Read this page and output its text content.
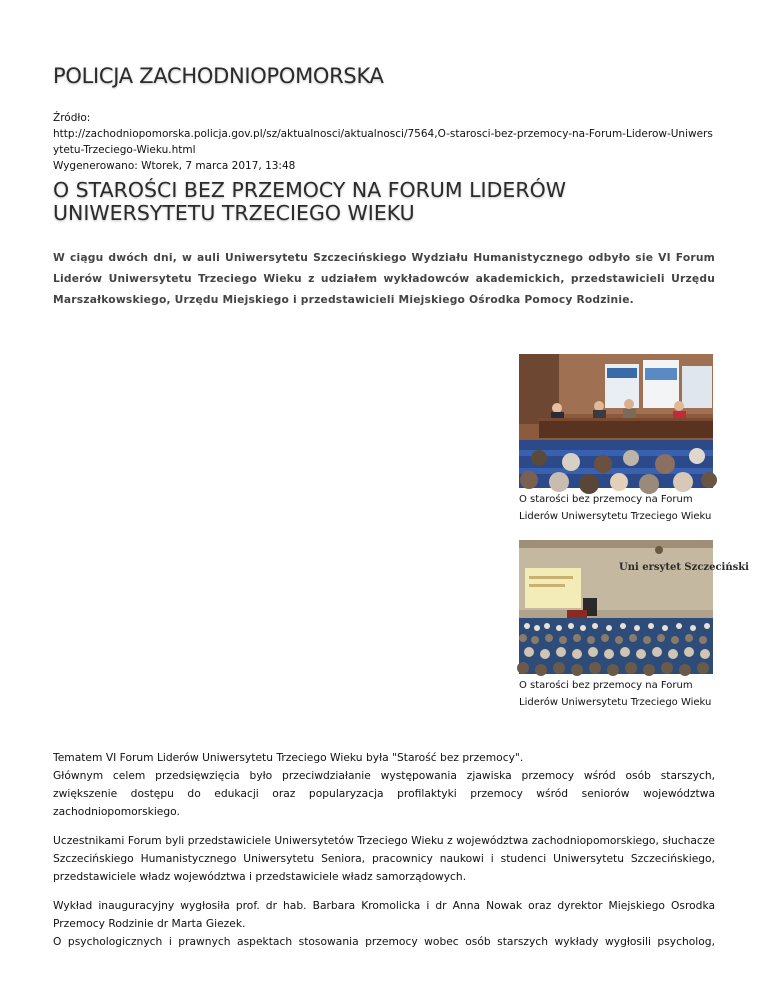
POLICJA ZACHODNIOPOMORSKA
Źródło:
http://zachodniopomorska.policja.gov.pl/sz/aktualnosci/aktualnosci/7564,O-starosci-bez-przemocy-na-Forum-Liderow-Uniwers
ytetu-Trzeciego-Wieku.html
Wygenerowano: Wtorek, 7 marca 2017, 13:48
O STAROŚCI BEZ PRZEMOCY NA FORUM LIDERÓW UNIWERSYTETU TRZECIEGO WIEKU

W ciągu dwóch dni, w auli Uniwersytetu Szczecińskiego Wydziału Humanistycznego odbyło sie VI Forum Liderów Uniwersytetu Trzeciego Wieku z udziałem wykładowców akademickich, przedstawicieli Urzędu Marszałkowskiego, Urzędu Miejskiego i przedstawicieli Miejskiego Ośrodka Pomocy Rodzinie.

O starości bez przemocy na Forum Liderów Uniwersytetu Trzeciego Wieku
Uni ersytet Szczeciński
O starości bez przemocy na Forum Liderów Uniwersytetu Trzeciego Wieku

Tematem VI Forum Liderów Uniwersytetu Trzeciego Wieku była "Starość bez przemocy".
Głównym celem przedsięwzięcia było przeciwdziałanie występowania zjawiska przemocy wśród osób starszych, zwiększenie dostępu do edukacji oraz popularyzacja profilaktyki przemocy wśród seniorów województwa zachodniopomorskiego.

Uczestnikami Forum byli przedstawiciele Uniwersytetów Trzeciego Wieku z województwa zachodniopomorskiego, słuchacze Szczecińskiego Humanistycznego Uniwersytetu Seniora, pracownicy naukowi i studenci Uniwersytetu Szczecińskiego, przedstawiciele władz województwa i przedstawiciele władz samorządowych.

Wykład inauguracyjny wygłosiła prof. dr hab. Barbara Kromolicka i dr Anna Nowak oraz dyrektor Miejskiego Osrodka Przemocy Rodzinie dr Marta Giezek.

O psychologicznych i prawnych aspektach stosowania przemocy wobec osób starszych wykłady wygłosili psycholog,
